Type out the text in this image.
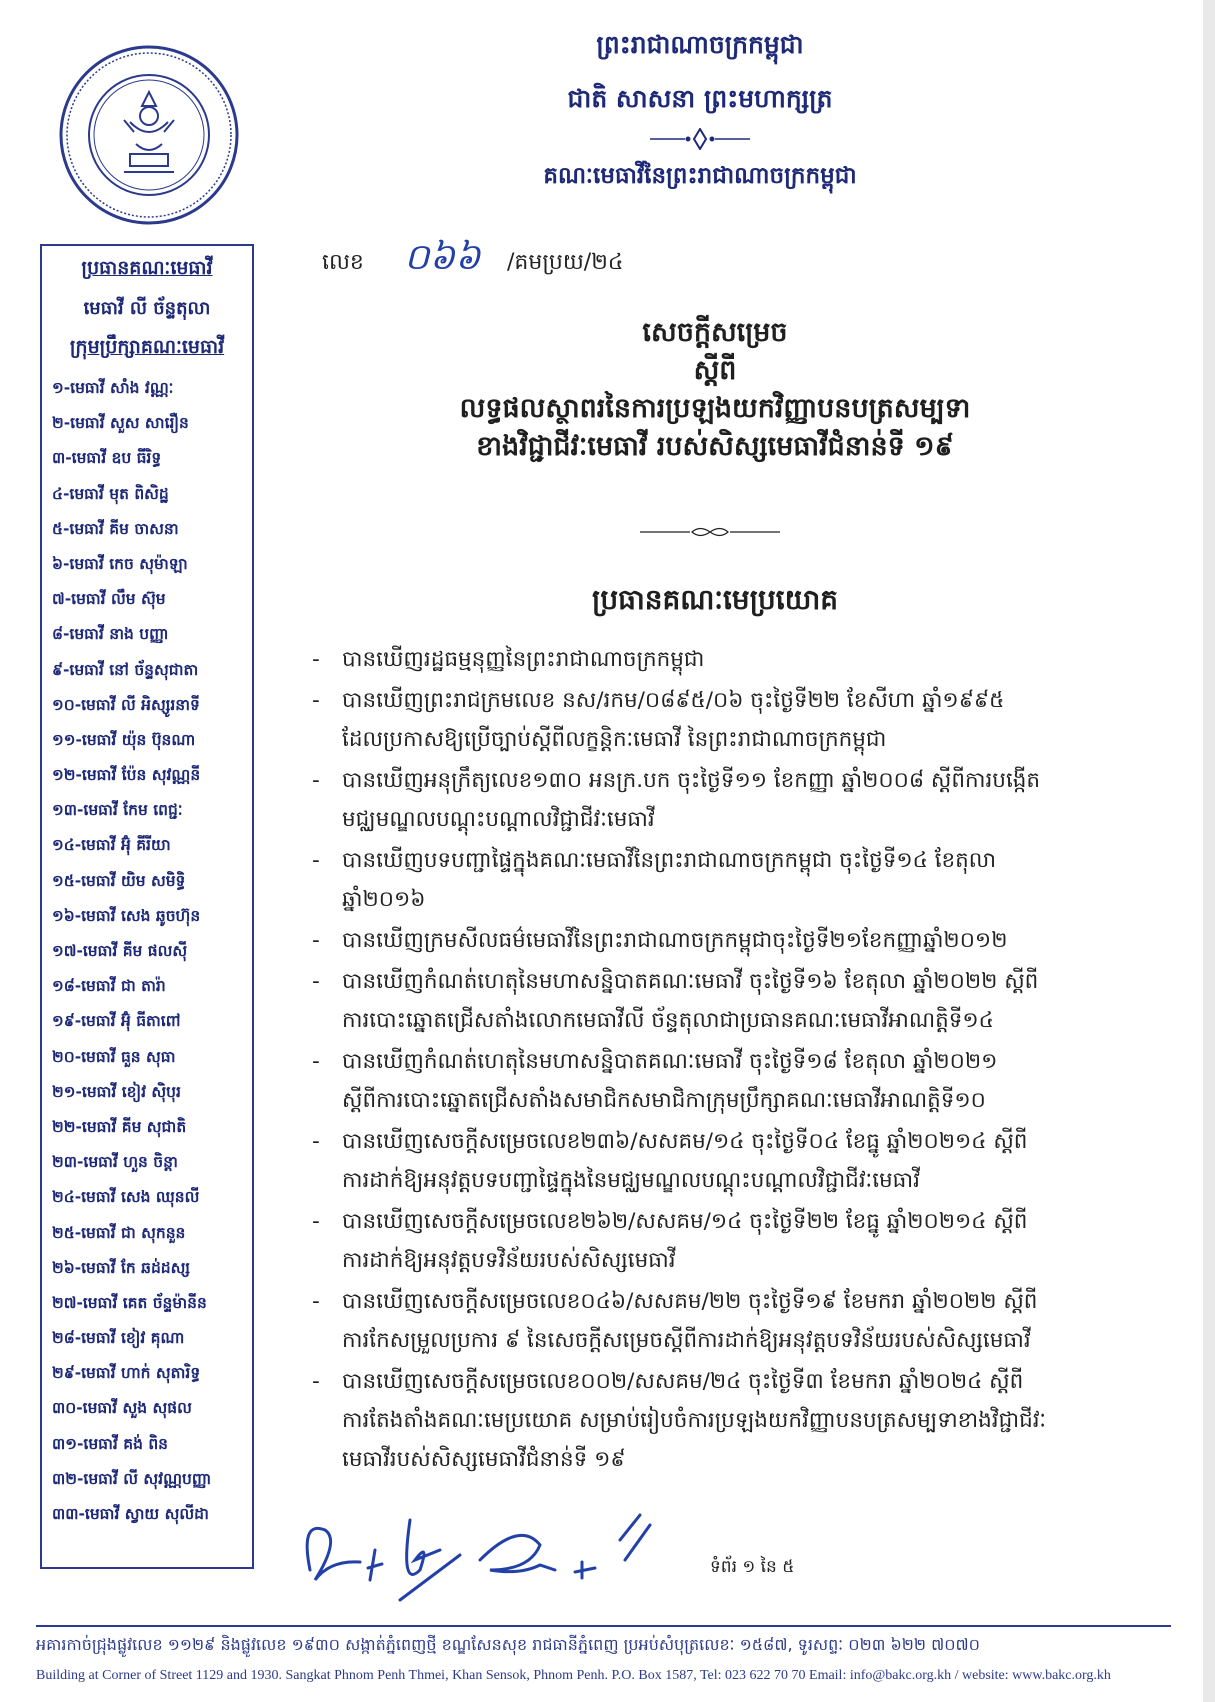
ព្រះរាជាណាចក្រកម្ពុជា
ជាតិ សាសនា ព្រះមហាក្សត្រ
គណៈមេធាវីនៃព្រះរាជាណាចក្រកម្ពុជា
ប្រធានគណៈមេធាវី
មេធាវី លី ច័ន្ទតុលា
ក្រុមប្រឹក្សាគណៈមេធាវី
១-មេធាវី សាំង វណ្ណៈ
២-មេធាវី សួស សារឿន
៣-មេធាវី ឧប ធីរិទ្ធ
៤-មេធាវី មុត ពិសិដ្ឋ
៥-មេធាវី គីម ចាសនា
៦-មេធាវី កេច សុម៉ាឡា
៧-មេធាវី លឹម ស៊ុម
៨-មេធាវី នាង បញ្ញា
៩-មេធាវី នៅ ច័ន្ទសុជាតា
១០-មេធាវី លី អិស្សូរនាទី
១១-មេធាវី យ៉ុន ប៊ុនណា
១២-មេធាវី ប៉ែន សុវណ្ណនី
១៣-មេធាវី កែម ពេជ្ជៈ
១៤-មេធាវី អ៊ុំ គីរីយា
១៥-មេធាវី យិម សមិទ្ធិ
១៦-មេធាវី សេង ឆូចហ៊ុន
១៧-មេធាវី គីម ផលស៊ី
១៨-មេធាវី ជា តារ៉ា
១៩-មេធាវី អ៊ុំ ធីតាពៅ
២០-មេធាវី ធួន សុធា
២១-មេធាវី ខៀវ ស៊ិបុរ
២២-មេធាវី គីម សុជាតិ
២៣-មេធាវី ហួន ចិន្តា
២៤-មេធាវី សេង ឈុនលី
២៥-មេធាវី ជា សុកនួន
២៦-មេធាវី កែ ឆដ់ដស្ស
២៧-មេធាវី គេត ច័ន្ទម៉ានីន
២៨-មេធាវី ខៀវ គុណា
២៩-មេធាវី ហាក់ សុតារិទ្ធ
៣០-មេធាវី សួង សុផល
៣១-មេធាវី គង់ ពិន
៣២-មេធាវី លី សុវណ្ណបញ្ញា
៣៣-មេធាវី ស្វាយ សុលីដា
លេខ ០៦៦ /គមប្រយ/២៤
សេចក្ដីសម្រេច
ស្ដីពី
លទ្ធផលស្ថាពរនៃការប្រឡងយកវិញ្ញាបនបត្រសម្បទា
ខាងវិជ្ជាជីវៈមេធាវី របស់សិស្សមេធាវីជំនាន់ទី ១៩
ប្រធានគណៈមេប្រយោគ
- បានឃើញរដ្ឋធម្មនុញ្ញនៃព្រះរាជាណាចក្រកម្ពុជា
- បានឃើញព្រះរាជក្រមលេខ នស/រកម/០៨៩៥/០៦ ចុះថ្ងៃទី២២ ខែសីហា ឆ្នាំ១៩៩៥
ដែលប្រកាសឱ្យប្រើច្បាប់ស្ដីពីលក្ខន្តិកៈមេធាវី នៃព្រះរាជាណាចក្រកម្ពុជា
- បានឃើញអនុក្រឹត្យលេខ១៣០ អនក្រ.បក ចុះថ្ងៃទី១១ ខែកញ្ញា ឆ្នាំ២០០៨ ស្ដីពីការបង្កើត
មជ្ឈមណ្ឌលបណ្ដុះបណ្ដាលវិជ្ជាជីវៈមេធាវី
- បានឃើញបទបញ្ជាផ្ទៃក្នុងគណៈមេធាវីនៃព្រះរាជាណាចក្រកម្ពុជា ចុះថ្ងៃទី១៤ ខែតុលា
ឆ្នាំ២០១៦
- បានឃើញក្រមសីលធម៌មេធាវីនៃព្រះរាជាណាចក្រកម្ពុជាចុះថ្ងៃទី២១ខែកញ្ញាឆ្នាំ២០១២
- បានឃើញកំណត់ហេតុនៃមហាសន្និបាតគណៈមេធាវី ចុះថ្ងៃទី១៦ ខែតុលា ឆ្នាំ២០២២ ស្ដីពី
ការបោះឆ្នោតជ្រើសតាំងលោកមេធាវីលី ច័ន្ទតុលាជាប្រធានគណៈមេធាវីអាណត្តិទី១៤
- បានឃើញកំណត់ហេតុនៃមហាសន្និបាតគណៈមេធាវី ចុះថ្ងៃទី១៨ ខែតុលា ឆ្នាំ២០២១
ស្ដីពីការបោះឆ្នោតជ្រើសតាំងសមាជិកសមាជិកាក្រុមប្រឹក្សាគណៈមេធាវីអាណត្តិទី១០
- បានឃើញសេចក្ដីសម្រេចលេខ២៣៦/សសគម/១៤ ចុះថ្ងៃទី០៤ ខែធ្នូ ឆ្នាំ២០២១៤ ស្ដីពី
ការដាក់ឱ្យអនុវត្តបទបញ្ជាផ្ទៃក្នុងនៃមជ្ឈមណ្ឌលបណ្ដុះបណ្ដាលវិជ្ជាជីវៈមេធាវី
- បានឃើញសេចក្ដីសម្រេចលេខ២៦២/សសគម/១៤ ចុះថ្ងៃទី២២ ខែធ្នូ ឆ្នាំ២០២១៤ ស្ដីពី
ការដាក់ឱ្យអនុវត្តបទវិន័យរបស់សិស្សមេធាវី
- បានឃើញសេចក្ដីសម្រេចលេខ០៤៦/សសគម/២២ ចុះថ្ងៃទី១៩ ខែមករា ឆ្នាំ២០២២ ស្ដីពី
ការកែសម្រួលប្រការ ៩ នៃសេចក្ដីសម្រេចស្ដីពីការដាក់ឱ្យអនុវត្តបទវិន័យរបស់សិស្សមេធាវី
- បានឃើញសេចក្ដីសម្រេចលេខ០០២/សសគម/២៤ ចុះថ្ងៃទី៣ ខែមករា ឆ្នាំ២០២៤ ស្ដីពី
ការតែងតាំងគណៈមេប្រយោគ សម្រាប់រៀបចំការប្រឡងយកវិញ្ញាបនបត្រសម្បទាខាងវិជ្ជាជីវៈ
មេធាវីរបស់សិស្សមេធាវីជំនាន់ទី ១៩
ទំព័រ ១ នៃ ៥
អគារកាច់ជ្រុងផ្លូវលេខ ១១២៩ និងផ្លូវលេខ ១៩៣០ សង្កាត់ភ្នំពេញថ្មី ខណ្ឌសែនសុខ រាជធានីភ្នំពេញ ប្រអប់សំបុត្រលេខៈ ១៥៨៧, ទូរសព្ទៈ ០២៣ ៦២២ ៧០៧០
Building at Corner of Street 1129 and 1930. Sangkat Phnom Penh Thmei, Khan Sensok, Phnom Penh. P.O. Box 1587, Tel: 023 622 70 70 Email: info@bakc.org.kh / website: www.bakc.org.kh
